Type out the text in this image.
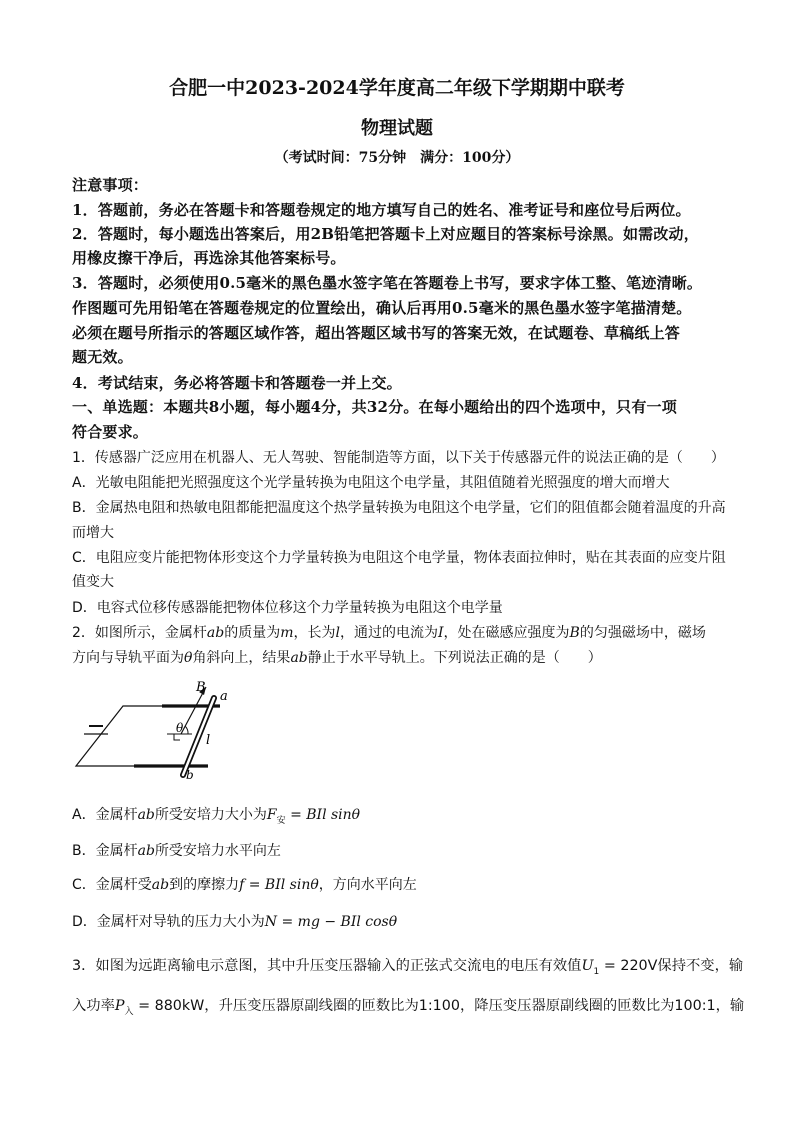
合肥一中2023-2024学年度高二年级下学期期中联考
物理试题
（考试时间：75分钟　满分：100分）
注意事项：
1．答题前，务必在答题卡和答题卷规定的地方填写自己的姓名、准考证号和座位号后两位。
2．答题时，每小题选出答案后，用2B铅笔把答题卡上对应题目的答案标号涂黑。如需改动，
用橡皮擦干净后，再选涂其他答案标号。
3．答题时，必须使用0.5毫米的黑色墨水签字笔在答题卷上书写，要求字体工整、笔迹清晰。
作图题可先用铅笔在答题卷规定的位置绘出，确认后再用0.5毫米的黑色墨水签字笔描清楚。
必须在题号所指示的答题区域作答，超出答题区域书写的答案无效，在试题卷、草稿纸上答
题无效。
4．考试结束，务必将答题卡和答题卷一并上交。
一、单选题：本题共8小题，每小题4分，共32分。在每小题给出的四个选项中，只有一项
符合要求。
1．传感器广泛应用在机器人、无人驾驶、智能制造等方面，以下关于传感器元件的说法正确的是（　　）
A．光敏电阻能把光照强度这个光学量转换为电阻这个电学量，其阻值随着光照强度的增大而增大
B．金属热电阻和热敏电阻都能把温度这个热学量转换为电阻这个电学量，它们的阻值都会随着温度的升高
而增大
C．电阻应变片能把物体形变这个力学量转换为电阻这个电学量，物体表面拉伸时，贴在其表面的应变片阻
值变大
D．电容式位移传感器能把物体位移这个力学量转换为电阻这个电学量
2．如图所示，金属杆ab的质量为m，长为l，通过的电流为I，处在磁感应强度为B的匀强磁场中，磁场
方向与导轨平面为θ角斜向上，结果ab静止于水平导轨上。下列说法正确的是（　　）
B
a
θ
l
b
A．金属杆ab所受安培力大小为$F_安$ = BIl sinθ
B．金属杆ab所受安培力水平向左
C．金属杆受ab到的摩擦力f = BIl sinθ，方向水平向左
D．金属杆对导轨的压力大小为N = mg − BIl cosθ
3．如图为远距离输电示意图，其中升压变压器输入的正弦式交流电的电压有效值$U_1 = 220V$保持不变，输
入功率$P_入 = 880kW$，升压变压器原副线圈的匝数比为1:100，降压变压器原副线圈的匝数比为100:1，输
